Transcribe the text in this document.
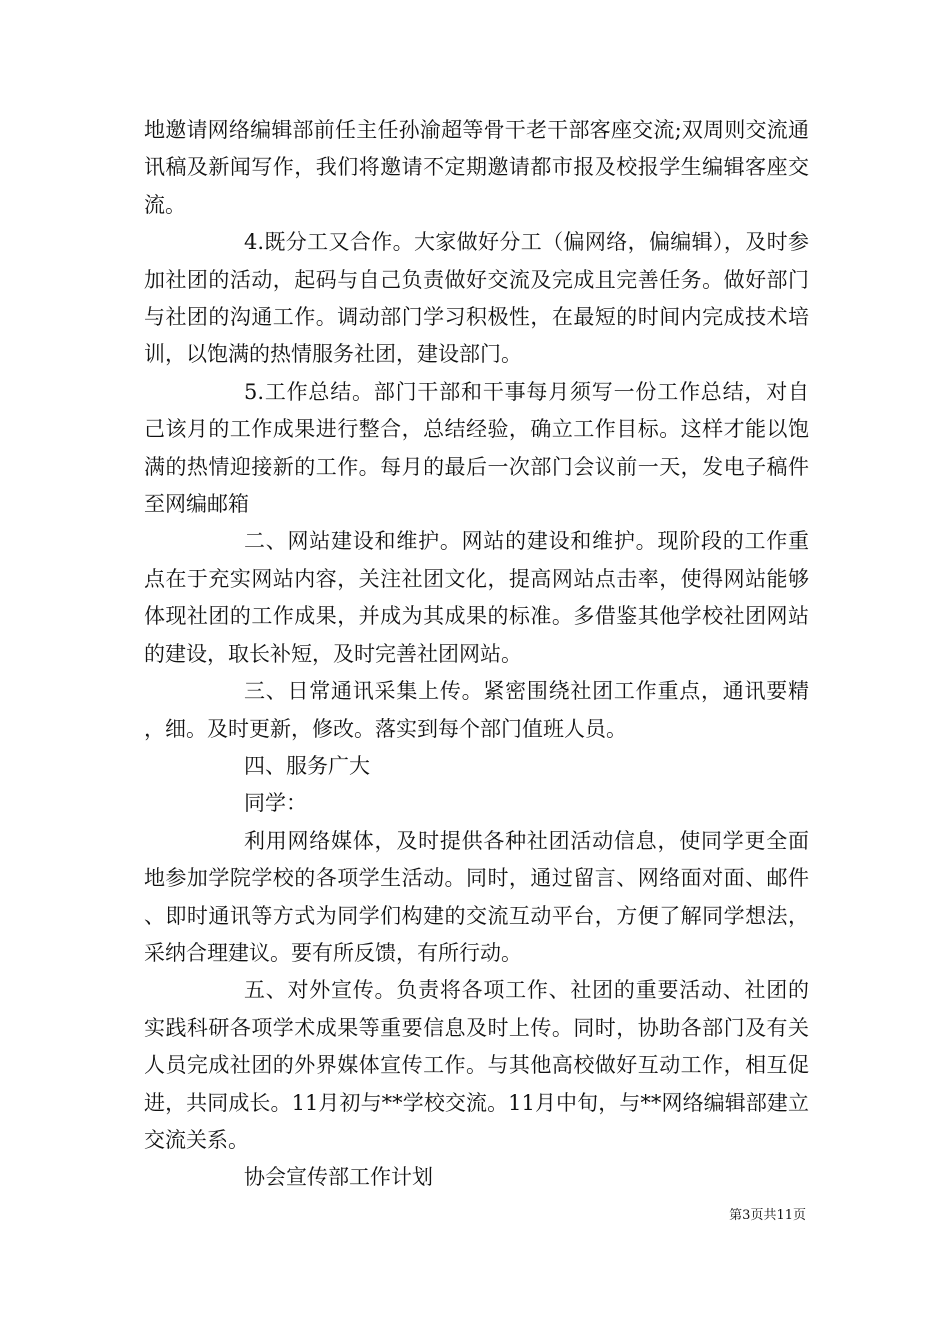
地邀请网络编辑部前任主任孙渝超等骨干老干部客座交流;双周则交流通讯稿及新闻写作，我们将邀请不定期邀请都市报及校报学生编辑客座交流。

4.既分工又合作。大家做好分工（偏网络，偏编辑），及时参加社团的活动，起码与自己负责做好交流及完成且完善任务。做好部门与社团的沟通工作。调动部门学习积极性，在最短的时间内完成技术培训，以饱满的热情服务社团，建设部门。

5.工作总结。部门干部和干事每月须写一份工作总结，对自己该月的工作成果进行整合，总结经验，确立工作目标。这样才能以饱满的热情迎接新的工作。每月的最后一次部门会议前一天，发电子稿件至网编邮箱

二、网站建设和维护。网站的建设和维护。现阶段的工作重点在于充实网站内容，关注社团文化，提高网站点击率，使得网站能够体现社团的工作成果，并成为其成果的标准。多借鉴其他学校社团网站的建设，取长补短，及时完善社团网站。

三、日常通讯采集上传。紧密围绕社团工作重点，通讯要精，细。及时更新，修改。落实到每个部门值班人员。

四、服务广大

同学：

利用网络媒体，及时提供各种社团活动信息，使同学更全面地参加学院学校的各项学生活动。同时，通过留言、网络面对面、邮件、即时通讯等方式为同学们构建的交流互动平台，方便了解同学想法，采纳合理建议。要有所反馈，有所行动。

五、对外宣传。负责将各项工作、社团的重要活动、社团的实践科研各项学术成果等重要信息及时上传。同时，协助各部门及有关人员完成社团的外界媒体宣传工作。与其他高校做好互动工作，相互促进，共同成长。11月初与**学校交流。11月中旬，与**网络编辑部建立交流关系。

协会宣传部工作计划

第3页共11页
